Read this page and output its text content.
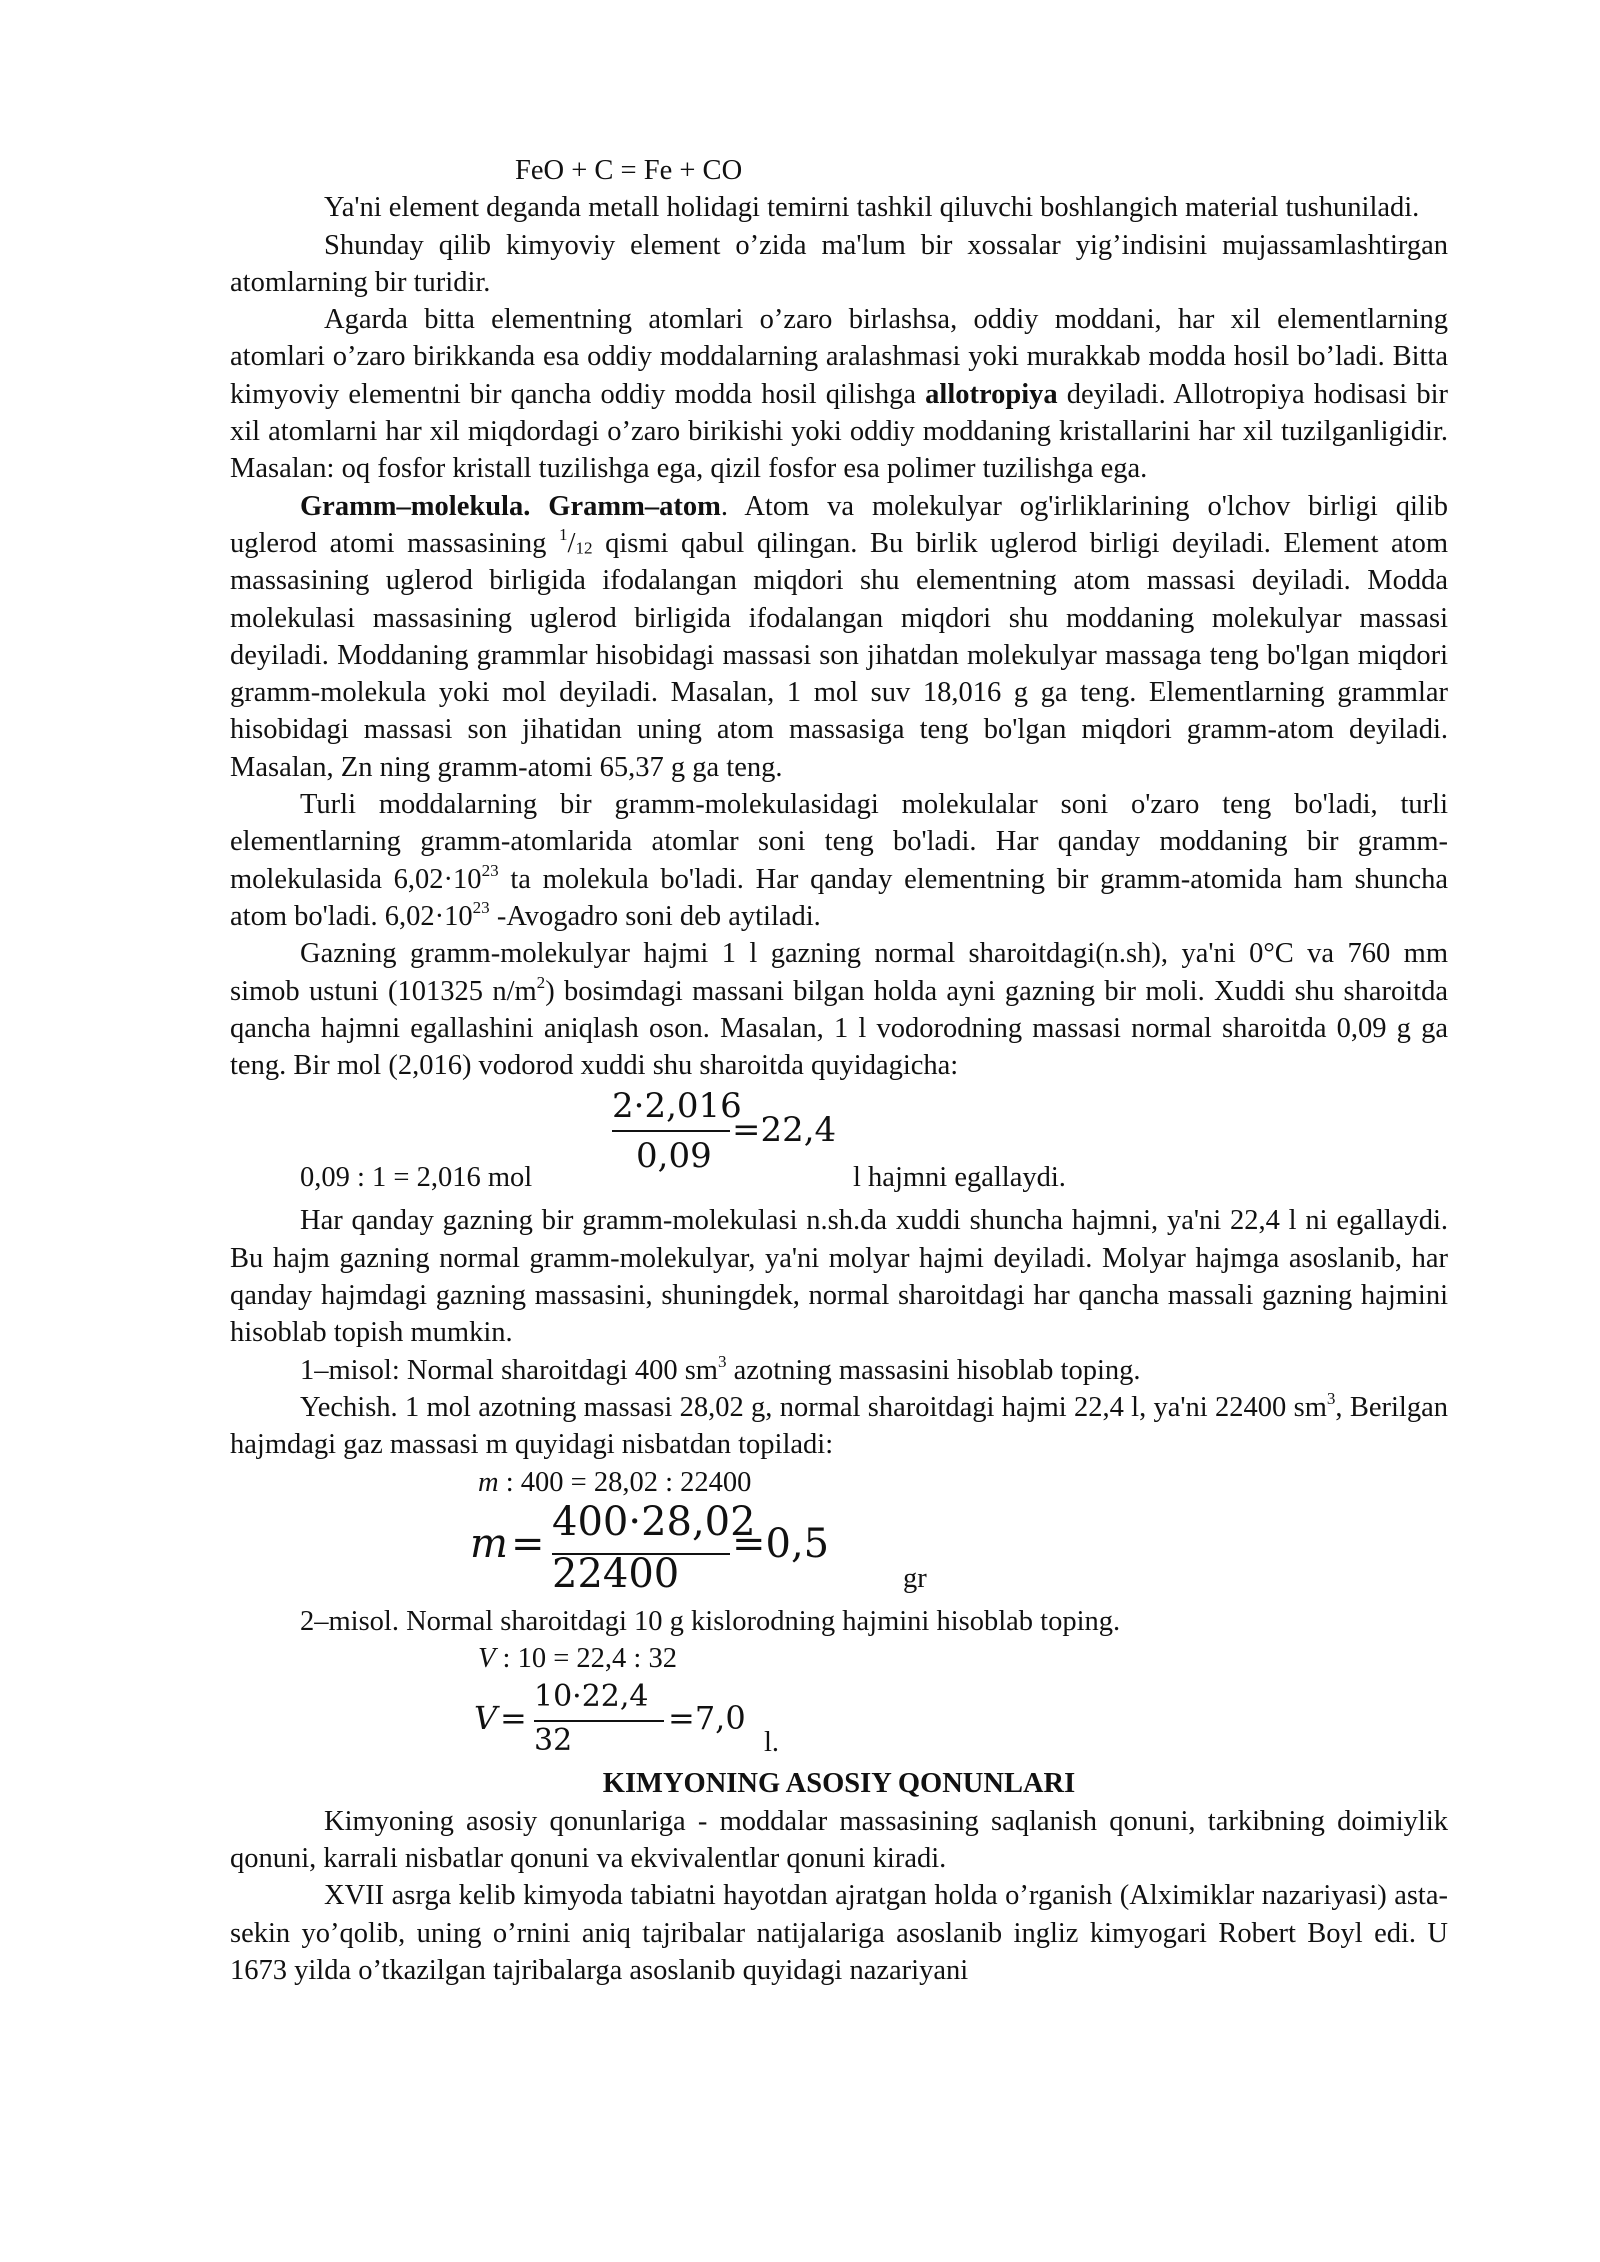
FeO + C = Fe + CO

Ya'ni element deganda metall holidagi temirni tashkil qiluvchi boshlangich material tushuniladi.

Shunday qilib kimyoviy element o’zida ma'lum bir xossalar yig’indisini mujassamlashtirgan atomlarning bir turidir.

Agarda bitta elementning atomlari o’zaro birlashsa, oddiy moddani, har xil elementlarning atomlari o’zaro birikkanda esa oddiy moddalarning aralashmasi yoki murakkab modda hosil bo’ladi. Bitta kimyoviy elementni bir qancha oddiy modda hosil qilishga allotropiya deyiladi. Allotropiya hodisasi bir xil atomlarni har xil miqdordagi o’zaro birikishi yoki oddiy moddaning kristallarini har xil tuzilganligidir. Masalan: oq fosfor kristall tuzilishga ega, qizil fosfor esa polimer tuzilishga ega.

Gramm–molekula. Gramm–atom. Atom va molekulyar og'irliklarining o'lchov birligi qilib uglerod atomi massasining $^1/_{12}$ qismi qabul qilingan. Bu birlik uglerod birligi deyiladi. Element atom massasining uglerod birligida ifodalangan miqdori shu elementning atom massasi deyiladi. Modda molekulasi massasining uglerod birligida ifodalangan miqdori shu moddaning molekulyar massasi deyiladi. Moddaning grammlar hisobidagi massasi son jihatdan molekulyar massaga teng bo'lgan miqdori gramm-molekula yoki mol deyiladi. Masalan, 1 mol suv 18,016 g ga teng. Elementlarning grammlar hisobidagi massasi son jihatidan uning atom massasiga teng bo'lgan miqdori gramm-atom deyiladi. Masalan, Zn ning gramm-atomi 65,37 g ga teng.

Turli moddalarning bir gramm-molekulasidagi molekulalar soni o'zaro teng bo'ladi, turli elementlarning gramm-atomlarida atomlar soni teng bo'ladi. Har qanday moddaning bir gramm-molekulasida $6,02\cdot 10^{23}$ ta molekula bo'ladi. Har qanday elementning bir gramm-atomida ham shuncha atom bo'ladi. $6,02\cdot 10^{23}$ -Avogadro soni deb aytiladi.

Gazning gramm-molekulyar hajmi 1 l gazning normal sharoitdagi(n.sh), ya'ni 0°C va 760 mm simob ustuni (101325 $n/m^2$) bosimdagi massani bilgan holda ayni gazning bir moli. Xuddi shu sharoitda qancha hajmni egallashini aniqlash oson. Masalan, 1 l vodorodning massasi normal sharoitda 0,09 g ga teng. Bir mol (2,016) vodorod xuddi shu sharoitda quyidagicha:

2·2,016
0,09
=22,4
0,09 : 1 = 2,016 mol	l hajmni egallaydi.

Har qanday gazning bir gramm-molekulasi n.sh.da xuddi shuncha hajmni, ya'ni 22,4 l ni egallaydi. Bu hajm gazning normal gramm-molekulyar, ya'ni molyar hajmi deyiladi. Molyar hajmga asoslanib, har qanday hajmdagi gazning massasini, shuningdek, normal sharoitdagi har qancha massali gazning hajmini hisoblab topish mumkin.

1–misol: Normal sharoitdagi 400 $sm^3$ azotning massasini hisoblab toping.

Yechish. 1 mol azotning massasi 28,02 g, normal sharoitdagi hajmi 22,4 l, ya'ni 22400 $sm^3$, Berilgan hajmdagi gaz massasi m quyidagi nisbatdan topiladi:

m : 400 = 28,02 : 22400

m = 400·28,02
22400
=0,5
gr

2–misol. Normal sharoitdagi 10 g kislorodning hajmini hisoblab toping.

V : 10 = 22,4 : 32

V =
10·22,4
32
=7,0
l.

KIMYONING ASOSIY QONUNLARI

Kimyoning asosiy qonunlariga - moddalar massasining saqlanish qonuni, tarkibning doimiylik qonuni, karrali nisbatlar qonuni va ekvivalentlar qonuni kiradi.

XVII asrga kelib kimyoda tabiatni hayotdan ajratgan holda o’rganish (Alximiklar nazariyasi) asta-sekin yo’qolib, uning o’rnini aniq tajribalar natijalariga asoslanib ingliz kimyogari Robert Boyl edi. U 1673 yilda o’tkazilgan tajribalarga asoslanib quyidagi nazariyani
